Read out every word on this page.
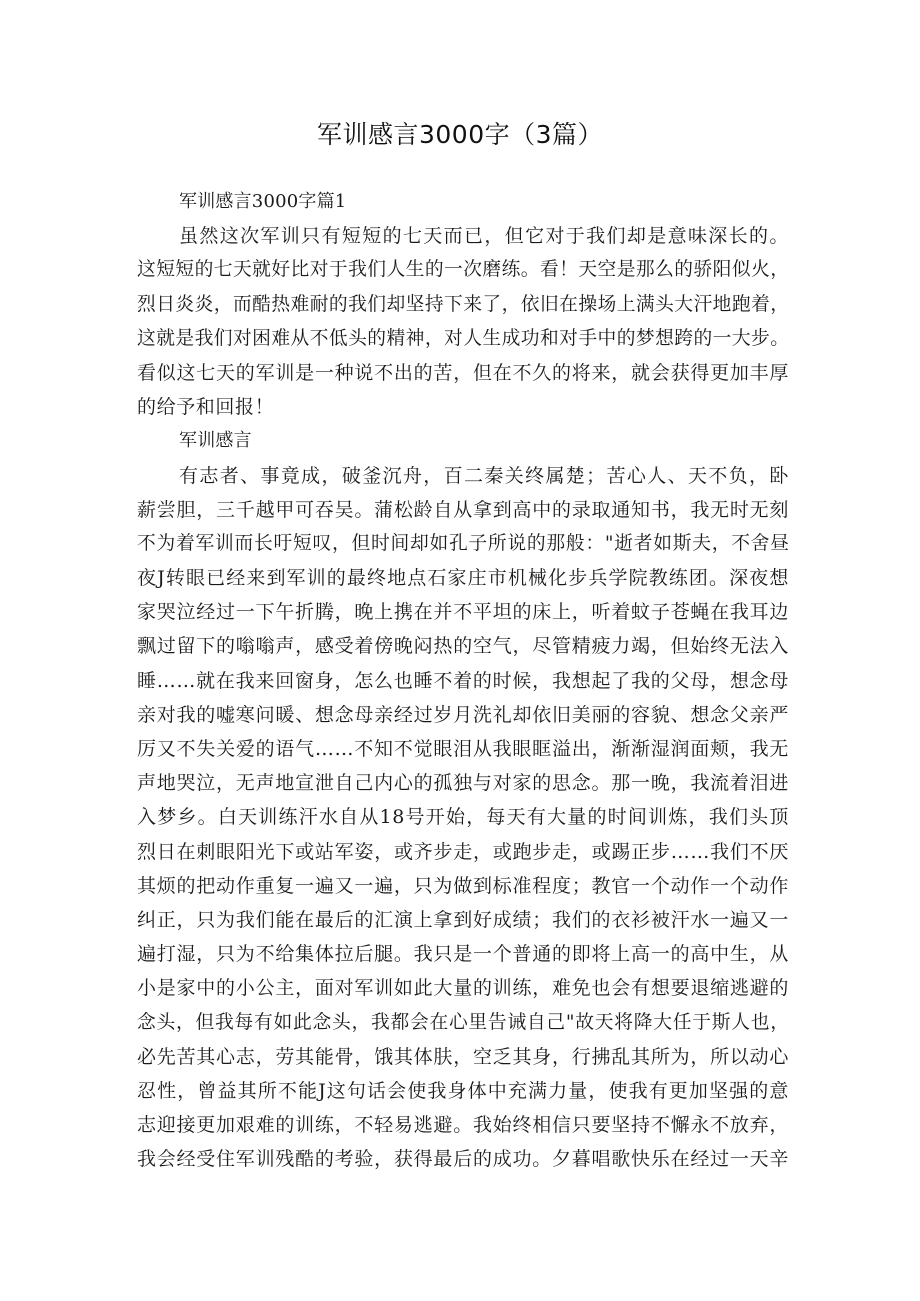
军训感言3000字（3篇）
军训感言3000字篇1
虽然这次军训只有短短的七天而已，但它对于我们却是意味深长的。
这短短的七天就好比对于我们人生的一次磨练。看！天空是那么的骄阳似火，
烈日炎炎，而酷热难耐的我们却坚持下来了，依旧在操场上满头大汗地跑着，
这就是我们对困难从不低头的精神，对人生成功和对手中的梦想跨的一大步。
看似这七天的军训是一种说不出的苦，但在不久的将来，就会获得更加丰厚
的给予和回报！
军训感言
有志者、事竟成，破釜沉舟，百二秦关终属楚；苦心人、天不负，卧
薪尝胆，三千越甲可吞吴。蒲松龄自从拿到高中的录取通知书，我无时无刻
不为着军训而长吁短叹，但时间却如孔子所说的那般："逝者如斯夫，不舍昼
夜J转眼已经来到军训的最终地点石家庄市机械化步兵学院教练团。深夜想
家哭泣经过一下午折腾，晚上携在并不平坦的床上，听着蚊子苍蝇在我耳边
飘过留下的嗡嗡声，感受着傍晚闷热的空气，尽管精疲力竭，但始终无法入
睡……就在我来回窗身，怎么也睡不着的时候，我想起了我的父母，想念母
亲对我的嘘寒问暖、想念母亲经过岁月洗礼却依旧美丽的容貌、想念父亲严
厉又不失关爱的语气……不知不觉眼泪从我眼眶溢出，渐渐湿润面颊，我无
声地哭泣，无声地宣泄自己内心的孤独与对家的思念。那一晚，我流着泪进
入梦乡。白天训练汗水自从18号开始，每天有大量的时间训炼，我们头顶
烈日在刺眼阳光下或站军姿，或齐步走，或跑步走，或踢正步……我们不厌
其烦的把动作重复一遍又一遍，只为做到标准程度；教官一个动作一个动作
纠正，只为我们能在最后的汇演上拿到好成绩；我们的衣衫被汗水一遍又一
遍打湿，只为不给集体拉后腿。我只是一个普通的即将上高一的高中生，从
小是家中的小公主，面对军训如此大量的训练，难免也会有想要退缩逃避的
念头，但我每有如此念头，我都会在心里告诫自己"故天将降大任于斯人也，
必先苦其心志，劳其能骨，饿其体肤，空乏其身，行拂乱其所为，所以动心
忍性，曾益其所不能J这句话会使我身体中充满力量，使我有更加坚强的意
志迎接更加艰难的训练，不轻易逃避。我始终相信只要坚持不懈永不放弃，
我会经受住军训残酷的考验，获得最后的成功。夕暮唱歌快乐在经过一天辛
